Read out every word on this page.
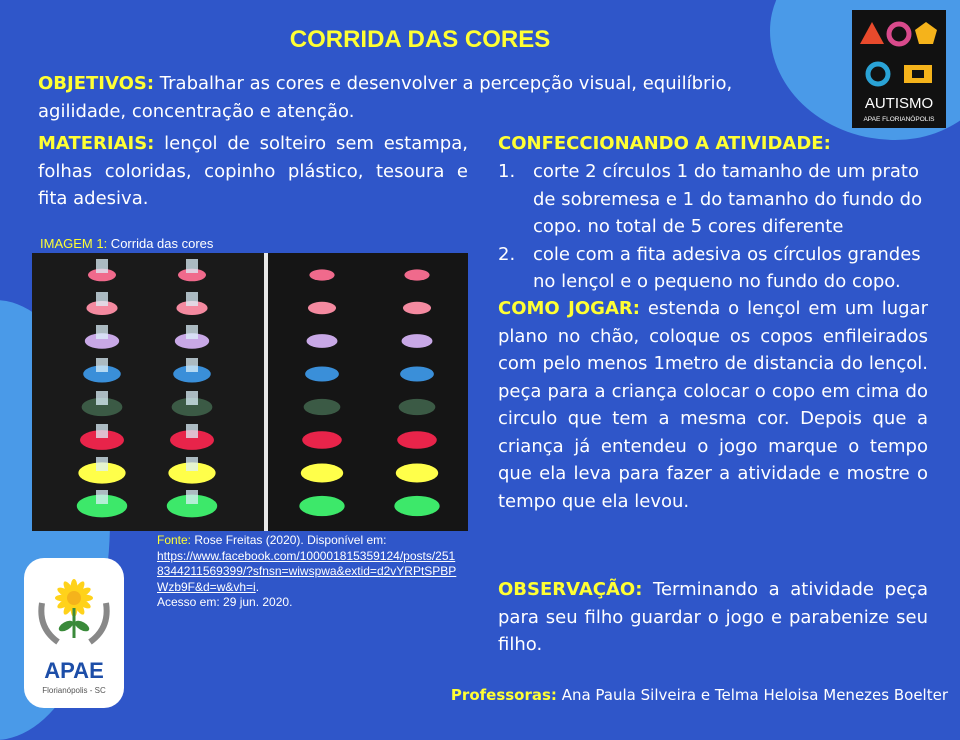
AUTISMO
APAE FLORIANÓPOLIS
CORRIDA DAS CORES

OBJETIVOS: Trabalhar as cores e desenvolver a percepção visual, equilíbrio, agilidade, concentração e atenção.

MATERIAIS: lençol de solteiro sem estampa, folhas coloridas, copinho plástico, tesoura e fita adesiva.

IMAGEM 1: Corrida das cores
Fonte: Rose Freitas (2020). Disponível em:
https://www.facebook.com/100001815359124/posts/2518344211569399/?sfnsn=wiwspwa&extid=d2vYRPtSPBPWzb9F&d=w&vh=i.
Acesso em: 29 jun. 2020.
APAE
Florianópolis - SC

CONFECCIONANDO A ATIVIDADE:

1. corte 2 círculos 1 do tamanho de um prato de sobremesa e 1 do tamanho do fundo do copo. no total de 5 cores diferente
2. cole com a fita adesiva os círculos grandes no lençol e o pequeno no fundo do copo.

COMO JOGAR: estenda o lençol em um lugar plano no chão, coloque os copos enfileirados com pelo menos 1metro de distancia do lençol. peça para a criança colocar o copo em cima do circulo que tem a mesma cor. Depois que a criança já entendeu o jogo marque o tempo que ela leva para fazer a atividade e mostre o tempo que ela levou.

OBSERVAÇÃO: Terminando a atividade peça para seu filho guardar o jogo e parabenize seu filho.

Professoras: Ana Paula Silveira e Telma Heloisa Menezes Boelter
